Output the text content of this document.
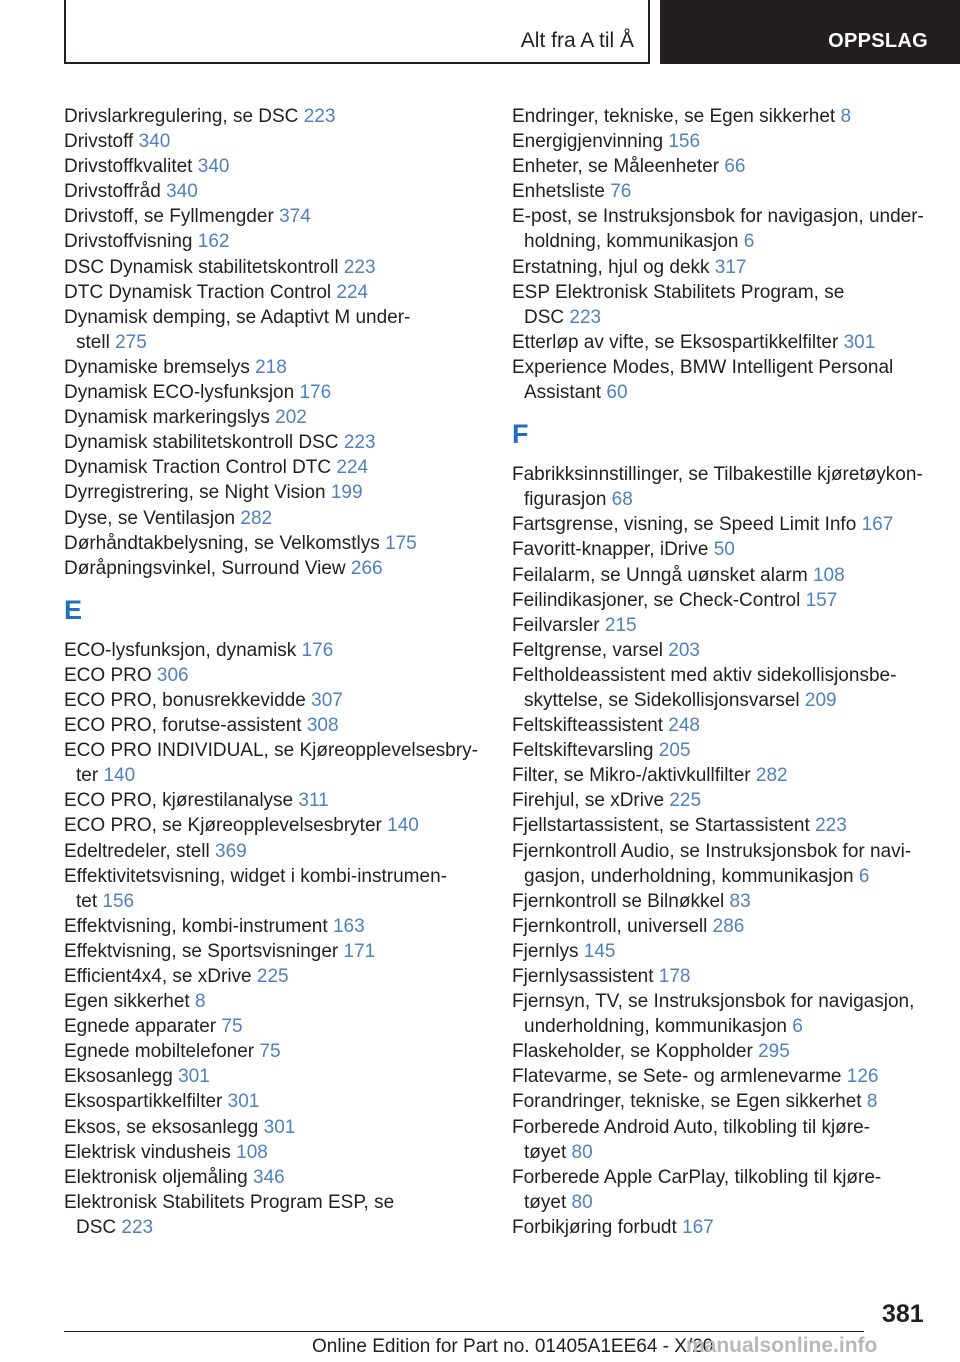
Alt fra A til Å	OPPSLAG
Drivslarkregulering, se DSC 223
Drivstoff 340
Drivstoffkvalitet 340
Drivstoffråd 340
Drivstoff, se Fyllmengder 374
Drivstoffvisning 162
DSC Dynamisk stabilitetskontroll 223
DTC Dynamisk Traction Control 224
Dynamisk demping, se Adaptivt M under-
stell 275
Dynamiske bremselys 218
Dynamisk ECO-lysfunksjon 176
Dynamisk markeringslys 202
Dynamisk stabilitetskontroll DSC 223
Dynamisk Traction Control DTC 224
Dyrregistrering, se Night Vision 199
Dyse, se Ventilasjon 282
Dørhåndtakbelysning, se Velkomstlys 175
Døråpningsvinkel, Surround View 266
E
ECO-lysfunksjon, dynamisk 176
ECO PRO 306
ECO PRO, bonusrekkevidde 307
ECO PRO, forutse-assistent 308
ECO PRO INDIVIDUAL, se Kjøreopplevelsesbry-
ter 140
ECO PRO, kjørestilanalyse 311
ECO PRO, se Kjøreopplevelsesbryter 140
Edeltredeler, stell 369
Effektivitetsvisning, widget i kombi-instrumen-
tet 156
Effektvisning, kombi-instrument 163
Effektvisning, se Sportsvisninger 171
Efficient4x4, se xDrive 225
Egen sikkerhet 8
Egnede apparater 75
Egnede mobiltelefoner 75
Eksosanlegg 301
Eksospartikkelfilter 301
Eksos, se eksosanlegg 301
Elektrisk vindusheis 108
Elektronisk oljemåling 346
Elektronisk Stabilitets Program ESP, se
DSC 223
Endringer, tekniske, se Egen sikkerhet 8
Energigjenvinning 156
Enheter, se Måleenheter 66
Enhetsliste 76
E-post, se Instruksjonsbok for navigasjon, under-
holdning, kommunikasjon 6
Erstatning, hjul og dekk 317
ESP Elektronisk Stabilitets Program, se
DSC 223
Etterløp av vifte, se Eksospartikkelfilter 301
Experience Modes, BMW Intelligent Personal
Assistant 60
F
Fabrikksinnstillinger, se Tilbakestille kjøretøykon-
figurasjon 68
Fartsgrense, visning, se Speed Limit Info 167
Favoritt-knapper, iDrive 50
Feilalarm, se Unngå uønsket alarm 108
Feilindikasjoner, se Check-Control 157
Feilvarsler 215
Feltgrense, varsel 203
Feltholdeassistent med aktiv sidekollisjonsbe-
skyttelse, se Sidekollisjonsvarsel 209
Feltskifteassistent 248
Feltskiftevarsling 205
Filter, se Mikro-/aktivkullfilter 282
Firehjul, se xDrive 225
Fjellstartassistent, se Startassistent 223
Fjernkontroll Audio, se Instruksjonsbok for navi-
gasjon, underholdning, kommunikasjon 6
Fjernkontroll se Bilnøkkel 83
Fjernkontroll, universell 286
Fjernlys 145
Fjernlysassistent 178
Fjernsyn, TV, se Instruksjonsbok for navigasjon,
underholdning, kommunikasjon 6
Flaskeholder, se Koppholder 295
Flatevarme, se Sete- og armlenevarme 126
Forandringer, tekniske, se Egen sikkerhet 8
Forberede Android Auto, tilkobling til kjøre-
tøyet 80
Forberede Apple CarPlay, tilkobling til kjøre-
tøyet 80
Forbikjøring forbudt 167
381
Online Edition for Part no. 01405A1EE64 - X/20
manualsonline.info
